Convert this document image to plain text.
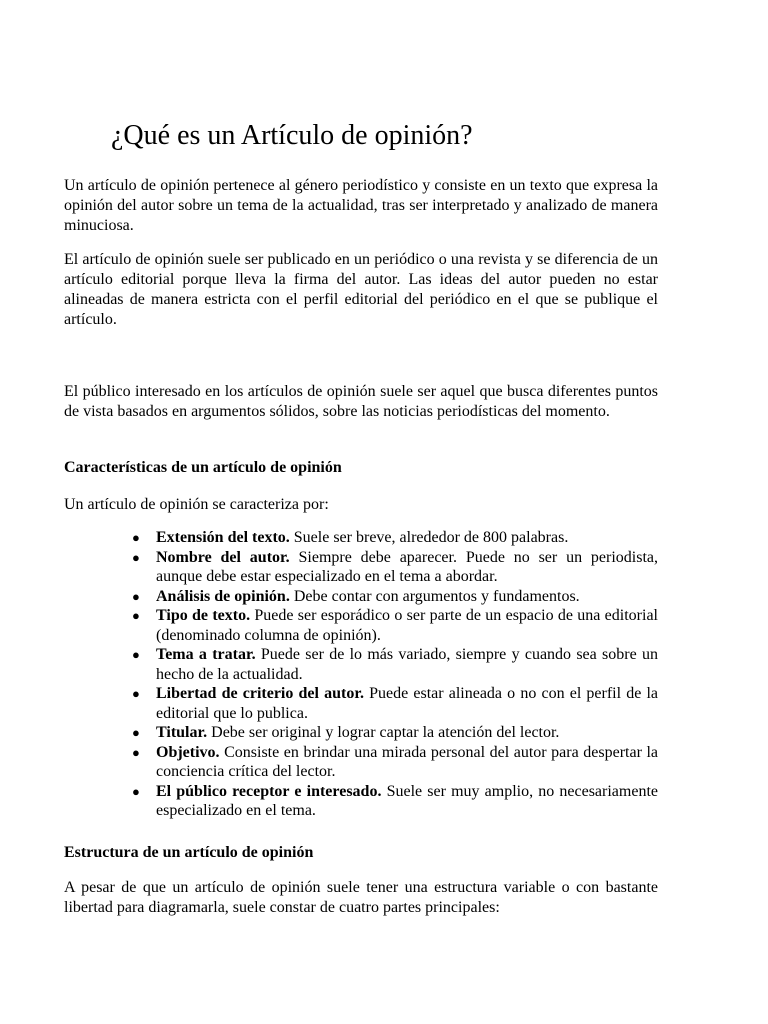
¿Qué es un Artículo de opinión?

Un artículo de opinión pertenece al género periodístico y consiste en un texto que expresa la opinión del autor sobre un tema de la actualidad, tras ser interpretado y analizado de manera minuciosa.

El artículo de opinión suele ser publicado en un periódico o una revista y se diferencia de un artículo editorial porque lleva la firma del autor. Las ideas del autor pueden no estar alineadas de manera estricta con el perfil editorial del periódico en el que se publique el artículo.

El público interesado en los artículos de opinión suele ser aquel que busca diferentes puntos de vista basados en argumentos sólidos, sobre las noticias periodísticas del momento.

Características de un artículo de opinión

Un artículo de opinión se caracteriza por:

● Extensión del texto. Suele ser breve, alrededor de 800 palabras.
● Nombre del autor. Siempre debe aparecer. Puede no ser un periodista, aunque debe estar especializado en el tema a abordar.
● Análisis de opinión. Debe contar con argumentos y fundamentos.
● Tipo de texto. Puede ser esporádico o ser parte de un espacio de una editorial (denominado columna de opinión).
● Tema a tratar. Puede ser de lo más variado, siempre y cuando sea sobre un hecho de la actualidad.
● Libertad de criterio del autor. Puede estar alineada o no con el perfil de la editorial que lo publica.
● Titular. Debe ser original y lograr captar la atención del lector.
● Objetivo. Consiste en brindar una mirada personal del autor para despertar la conciencia crítica del lector.
● El público receptor e interesado. Suele ser muy amplio, no necesariamente especializado en el tema.
Estructura de un artículo de opinión

A pesar de que un artículo de opinión suele tener una estructura variable o con bastante libertad para diagramarla, suele constar de cuatro partes principales:
